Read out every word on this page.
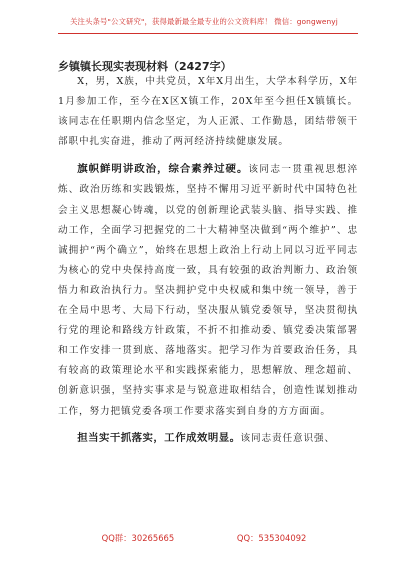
关注头条号"公文研究"，获得最新最全最专业的公文资料库！ 微信：gongwenyj
乡镇镇长现实表现材料（2427字）

X，男，X族，中共党员，X年X月出生，大学本科学历，X年1月参加工作，至今在X区X镇工作，20X年至今担任X镇镇长。该同志在任职期内信念坚定，为人正派、工作勤恳，团结带领干部职中扎实奋进，推动了两河经济持续健康发展。

旗帜鲜明讲政治，综合素养过硬。该同志一贯重视思想淬炼、政治历练和实践锻炼，坚持不懈用习近平新时代中国特色社会主义思想凝心铸魂，以党的创新理论武装头脑、指导实践、推动工作，全面学习把握党的二十大精神坚决做到“两个维护”、忠诚拥护“两个确立”，始终在思想上政治上行动上同以习近平同志为核心的党中央保持高度一致，具有较强的政治判断力、政治领悟力和政治执行力。坚决拥护党中央权威和集中统一领导，善于在全局中思考、大局下行动，坚决服从镇党委领导，坚决贯彻执行党的理论和路线方针政策，不折不扣推动委、镇党委决策部署和工作安排一贯到底、落地落实。把学习作为首要政治任务，具有较高的政策理论水平和实践探索能力，思想解放、理念超前、创新意识强，坚持实事求是与锐意进取相结合，创造性谋划推动工作，努力把镇党委各项工作要求落实到自身的方方面面。

担当实干抓落实，工作成效明显。该同志责任意识强、

QQ群：30265665	QQ：535304092
